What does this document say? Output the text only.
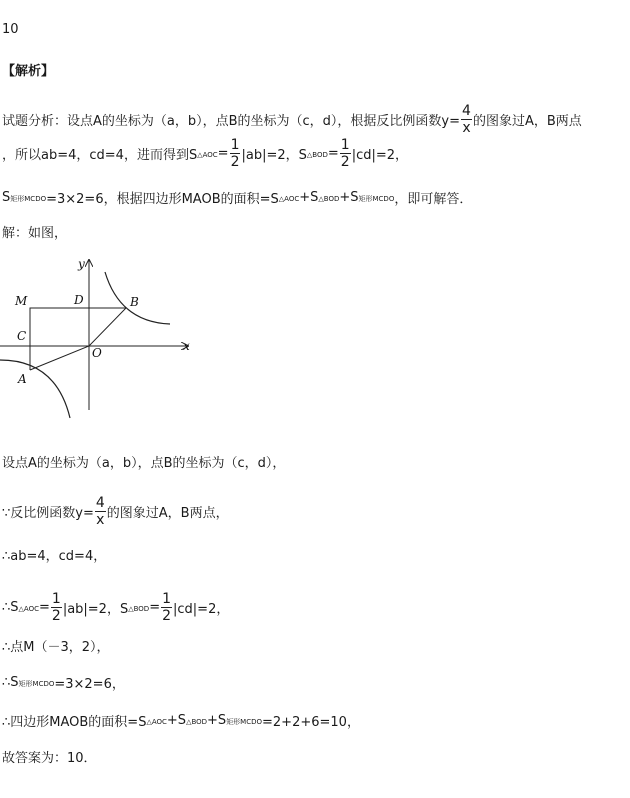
10
【解析】
试题分析：设点A的坐标为（a，b），点B的坐标为（c，d），根据反比例函数$y= \frac{4}{x}$ 的图象过A，B两点
，所以ab=4，cd=4，进而得到S △AOC = $\frac{1}{2} |ab|=2$，S △BOD = $\frac{1}{2} |cd|=2$，
S 矩形MCDO =3×2=6，根据四边形MAOB的面积=S △AOC +S △BOD +S 矩形MCDO ，即可解答．
解：如图，
y
x
M	D	B
C
O
A
设点A的坐标为（a，b），点B的坐标为（c，d），
∵反比例函数$y= \frac{4}{x}$ 的图象过A，B两点，
∴ab=4，cd=4，
∴S △AOC = $\frac{1}{2} |ab|=2$，S △BOD = $\frac{1}{2} |cd|=2$，
∴点M（－3，2），
∴S 矩形MCDO =3×2=6，
∴四边形MAOB的面积=S △AOC +S △BOD +S 矩形MCDO =2+2+6=10，
故答案为：10．
